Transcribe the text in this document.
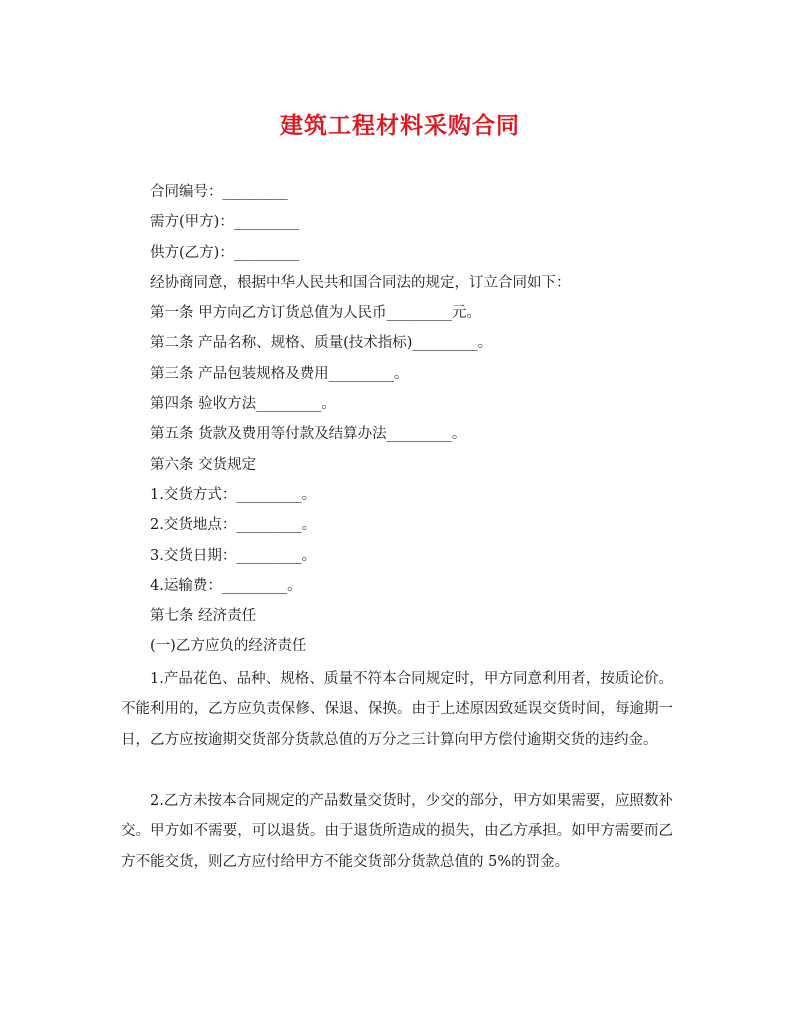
建筑工程材料采购合同
合同编号：_________
需方(甲方)：_________
供方(乙方)：_________
经协商同意，根据中华人民共和国合同法的规定，订立合同如下：
第一条 甲方向乙方订货总值为人民币_________元。
第二条 产品名称、规格、质量(技术指标)_________。
第三条 产品包装规格及费用_________。
第四条 验收方法_________。
第五条 货款及费用等付款及结算办法_________。
第六条 交货规定
1.交货方式：_________。
2.交货地点：_________。
3.交货日期：_________。
4.运输费：_________。
第七条 经济责任
(一)乙方应负的经济责任

1.产品花色、品种、规格、质量不符本合同规定时，甲方同意利用者，按质论价。不能利用的，乙方应负责保修、保退、保换。由于上述原因致延误交货时间，每逾期一日，乙方应按逾期交货部分货款总值的万分之三计算向甲方偿付逾期交货的违约金。

2.乙方未按本合同规定的产品数量交货时，少交的部分，甲方如果需要，应照数补交。甲方如不需要，可以退货。由于退货所造成的损失，由乙方承担。如甲方需要而乙方不能交货，则乙方应付给甲方不能交货部分货款总值的 5%的罚金。
